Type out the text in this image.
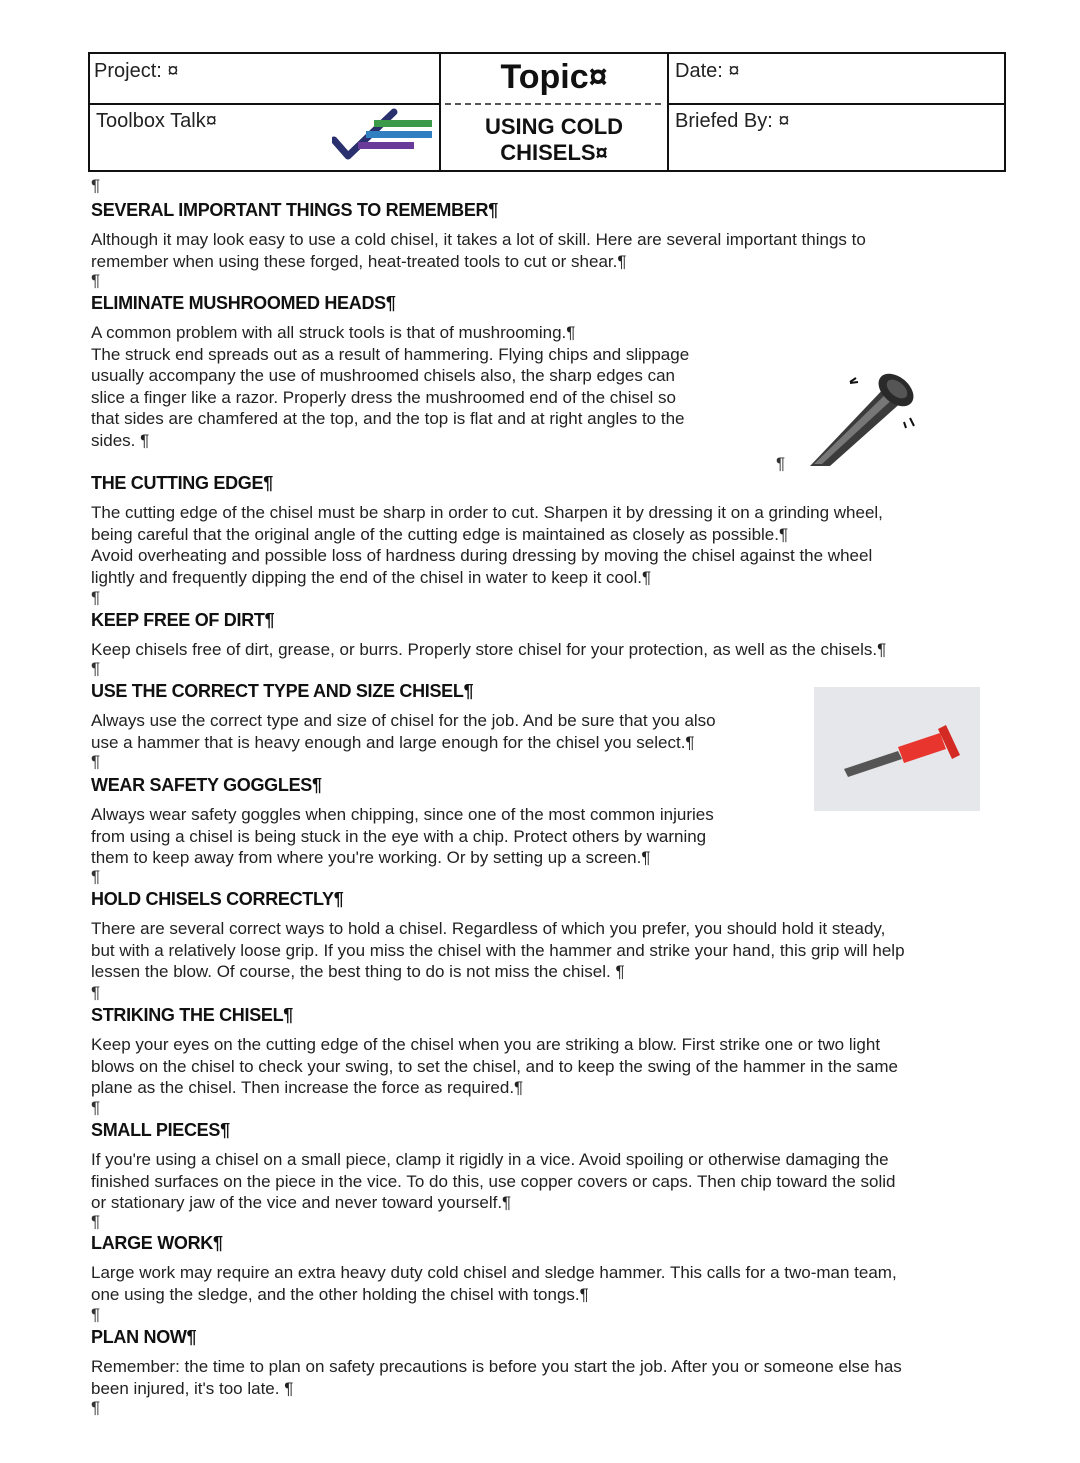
Project: ¤
Toolbox Talk¤
Date: ¤
Briefed By: ¤
Topic¤
USING COLD
CHISELS¤
¶
SEVERAL IMPORTANT THINGS TO REMEMBER¶
Although it may look easy to use a cold chisel, it takes a lot of skill. Here are several important things to
remember when using these forged, heat-treated tools to cut or shear.¶
¶
ELIMINATE MUSHROOMED HEADS¶
A common problem with all struck tools is that of mushrooming.¶
The struck end spreads out as a result of hammering. Flying chips and slippage
usually accompany the use of mushroomed chisels also, the sharp edges can
slice a finger like a razor. Properly dress the mushroomed end of the chisel so
that sides are chamfered at the top, and the top is flat and at right angles to the
sides. ¶
¶
THE CUTTING EDGE¶
The cutting edge of the chisel must be sharp in order to cut. Sharpen it by dressing it on a grinding wheel,
being careful that the original angle of the cutting edge is maintained as closely as possible.¶
Avoid overheating and possible loss of hardness during dressing by moving the chisel against the wheel
lightly and frequently dipping the end of the chisel in water to keep it cool.¶
¶
KEEP FREE OF DIRT¶
Keep chisels free of dirt, grease, or burrs. Properly store chisel for your protection, as well as the chisels.¶
¶
USE THE CORRECT TYPE AND SIZE CHISEL¶
Always use the correct type and size of chisel for the job. And be sure that you also
use a hammer that is heavy enough and large enough for the chisel you select.¶
¶
WEAR SAFETY GOGGLES¶
Always wear safety goggles when chipping, since one of the most common injuries
from using a chisel is being stuck in the eye with a chip. Protect others by warning
them to keep away from where you're working. Or by setting up a screen.¶
¶
HOLD CHISELS CORRECTLY¶
There are several correct ways to hold a chisel. Regardless of which you prefer, you should hold it steady,
but with a relatively loose grip. If you miss the chisel with the hammer and strike your hand, this grip will help
lessen the blow. Of course, the best thing to do is not miss the chisel. ¶
¶
STRIKING THE CHISEL¶
Keep your eyes on the cutting edge of the chisel when you are striking a blow. First strike one or two light
blows on the chisel to check your swing, to set the chisel, and to keep the swing of the hammer in the same
plane as the chisel. Then increase the force as required.¶
¶
SMALL PIECES¶
If you're using a chisel on a small piece, clamp it rigidly in a vice. Avoid spoiling or otherwise damaging the
finished surfaces on the piece in the vice. To do this, use copper covers or caps. Then chip toward the solid
or stationary jaw of the vice and never toward yourself.¶
¶
LARGE WORK¶
Large work may require an extra heavy duty cold chisel and sledge hammer. This calls for a two-man team,
one using the sledge, and the other holding the chisel with tongs.¶
¶
PLAN NOW¶
Remember: the time to plan on safety precautions is before you start the job. After you or someone else has
been injured, it's too late. ¶
¶
